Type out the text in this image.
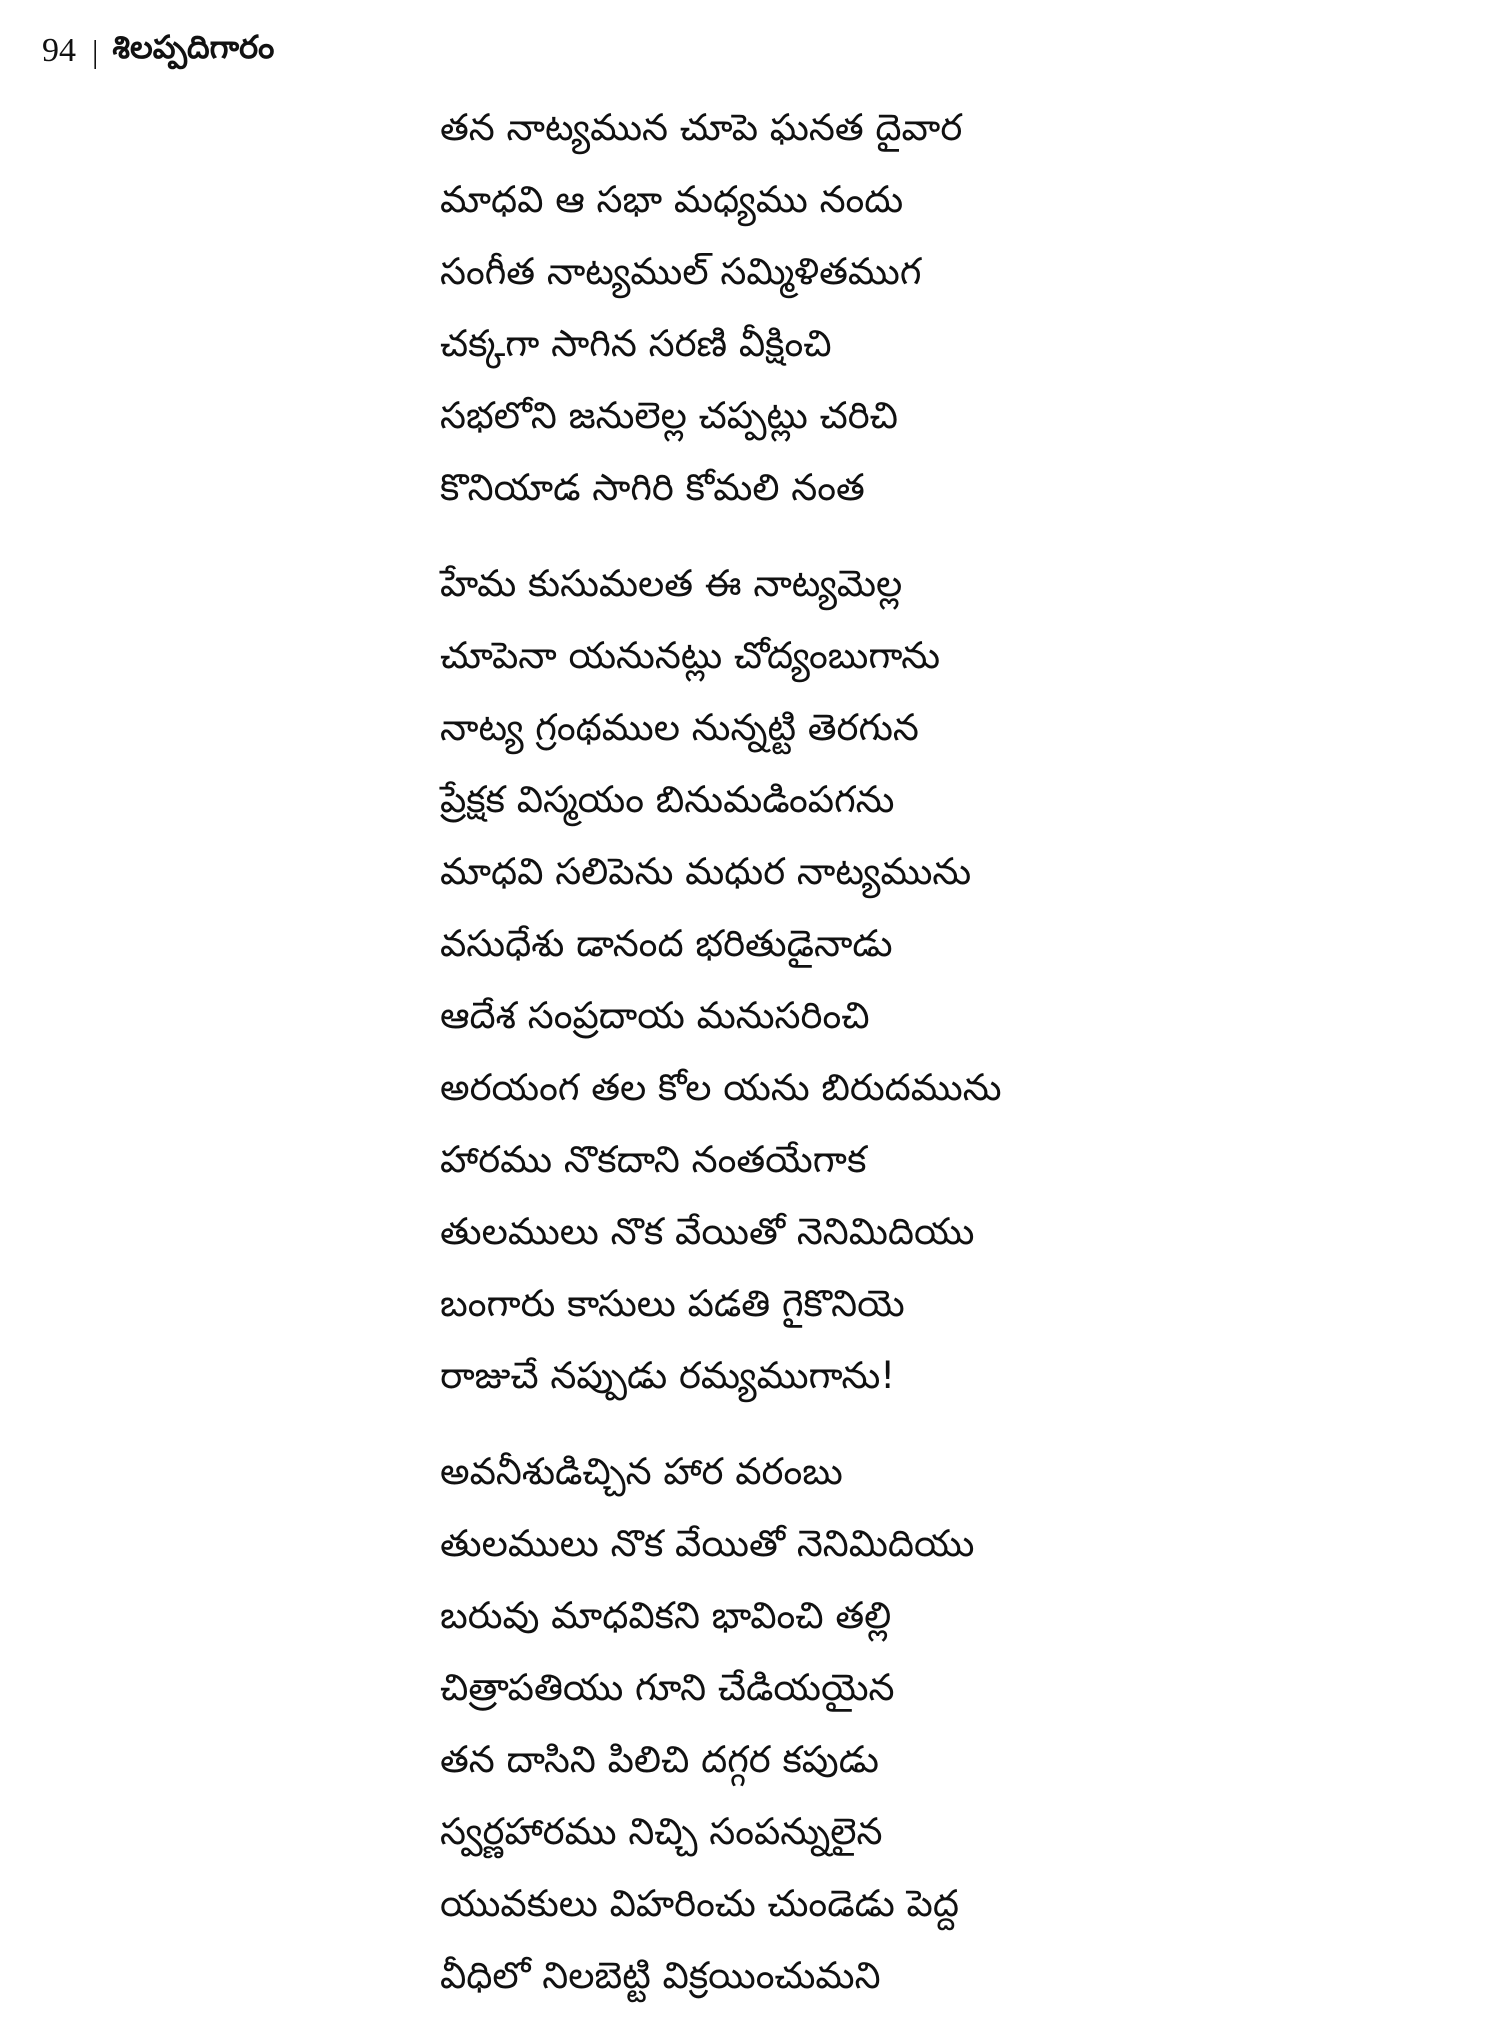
94 | శిలప్పదిగారం
తన నాట్యమున చూపె ఘనత దైవార
మాధవి ఆ సభా మధ్యము నందు
సంగీత నాట్యముల్ సమ్మిళితముగ
చక్కగా సాగిన సరణి వీక్షించి
సభలోని జనులెల్ల చప్పట్లు చరిచి
కొనియాడ సాగిరి కోమలి నంత
హేమ కుసుమలత ఈ నాట్యమెల్ల
చూపెనా యనునట్లు చోద్యంబుగాను
నాట్య గ్రంథముల నున్నట్టి తెరగున
ప్రేక్షక విస్మయం బినుమడింపగను
మాధవి సలిపెను మధుర నాట్యమును
వసుధేశు డానంద భరితుడైనాడు
ఆదేశ సంప్రదాయ మనుసరించి
అరయంగ తల కోల యను బిరుదమును
హారము నొకదాని నంతయేగాక
తులములు నొక వేయితో నెనిమిదియు
బంగారు కాసులు పడతి గైకొనియె
రాజుచే నప్పుడు రమ్యముగాను!
అవనీశుడిచ్చిన హార వరంబు
తులములు నొక వేయితో నెనిమిదియు
బరువు మాధవికని భావించి తల్లి
చిత్రాపతియు గూని చేడియయైన
తన దాసిని పిలిచి దగ్గర కపుడు
స్వర్ణహారము నిచ్చి సంపన్నులైన
యువకులు విహరించు చుండెడు పెద్ద
వీధిలో నిలబెట్టి విక్రయించుమని
